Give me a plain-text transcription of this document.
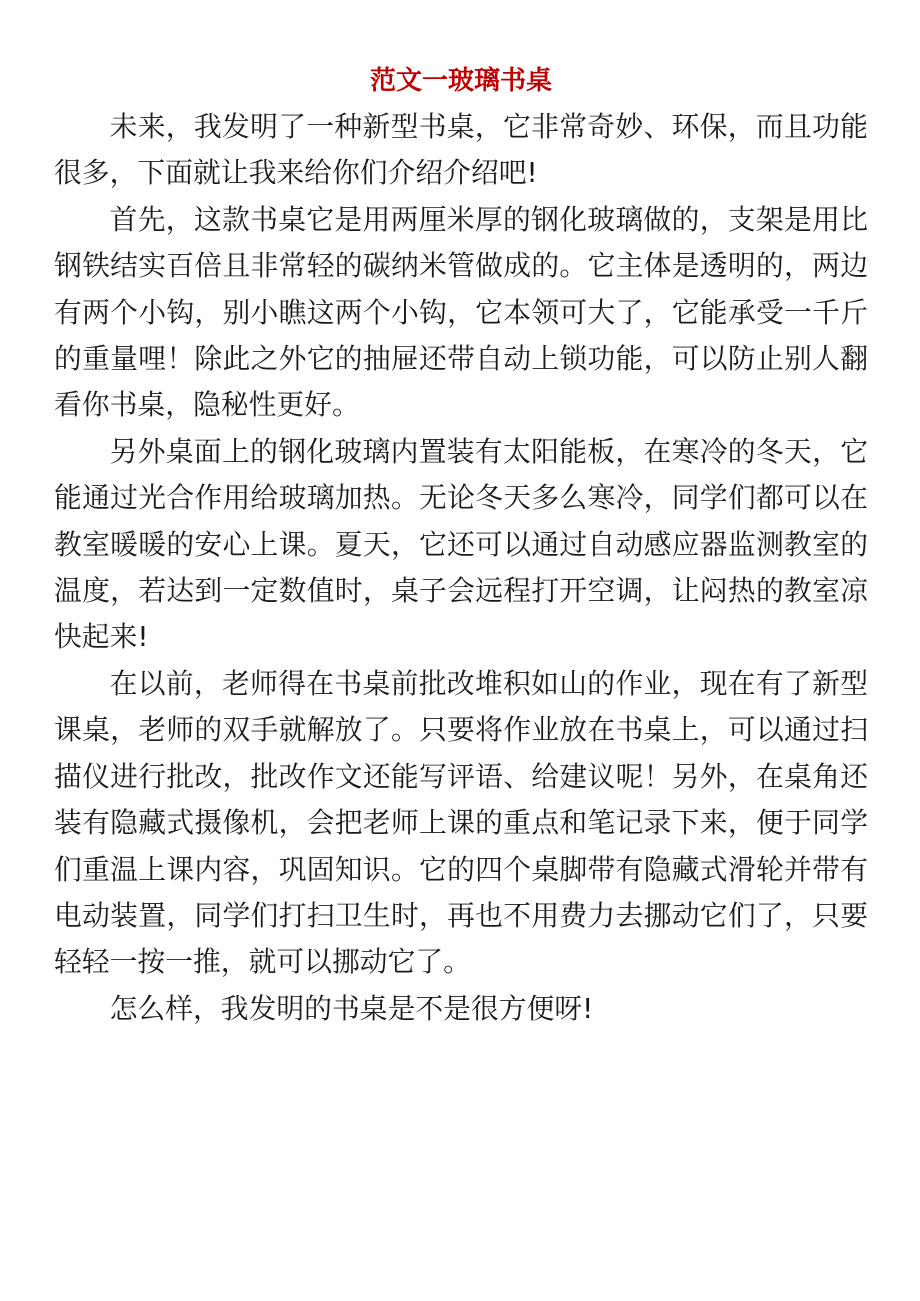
范文一玻璃书桌

未来，我发明了一种新型书桌，它非常奇妙、环保，而且功能很多，下面就让我来给你们介绍介绍吧!

首先，这款书桌它是用两厘米厚的钢化玻璃做的，支架是用比钢铁结实百倍且非常轻的碳纳米管做成的。它主体是透明的，两边有两个小钩，别小瞧这两个小钩，它本领可大了，它能承受一千斤的重量哩！除此之外它的抽屉还带自动上锁功能，可以防止别人翻看你书桌，隐秘性更好。

另外桌面上的钢化玻璃内置装有太阳能板，在寒冷的冬天，它能通过光合作用给玻璃加热。无论冬天多么寒冷，同学们都可以在教室暖暖的安心上课。夏天，它还可以通过自动感应器监测教室的温度，若达到一定数值时，桌子会远程打开空调，让闷热的教室凉快起来!

在以前，老师得在书桌前批改堆积如山的作业，现在有了新型课桌，老师的双手就解放了。只要将作业放在书桌上，可以通过扫描仪进行批改，批改作文还能写评语、给建议呢！另外，在桌角还装有隐藏式摄像机，会把老师上课的重点和笔记录下来，便于同学们重温上课内容，巩固知识。它的四个桌脚带有隐藏式滑轮并带有电动装置，同学们打扫卫生时，再也不用费力去挪动它们了，只要轻轻一按一推，就可以挪动它了。

怎么样，我发明的书桌是不是很方便呀!
